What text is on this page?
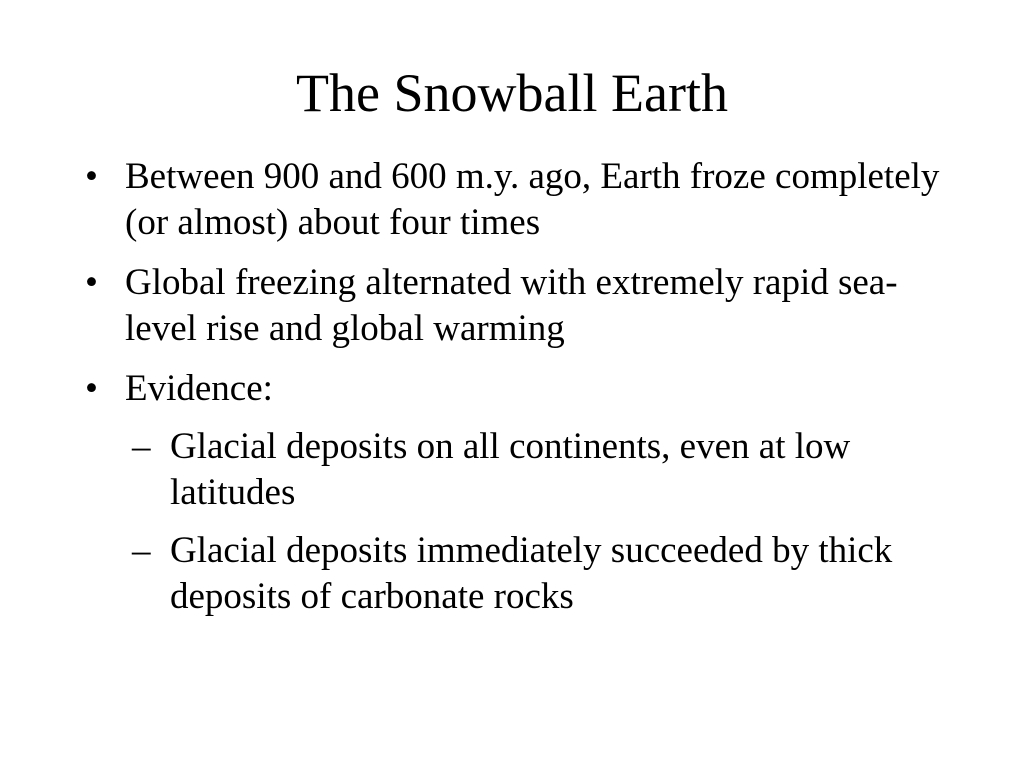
The Snowball Earth
• Between 900 and 600 m.y. ago, Earth froze completely (or almost) about four times
• Global freezing alternated with extremely rapid sea-level rise and global warming
• Evidence:
– Glacial deposits on all continents, even at low latitudes
– Glacial deposits immediately succeeded by thick deposits of carbonate rocks
